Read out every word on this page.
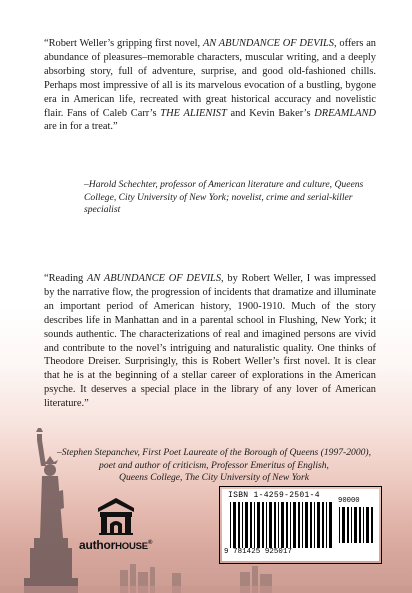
“Robert Weller’s gripping first novel, AN ABUNDANCE OF DEVILS, offers an abundance of pleasures–memorable characters, muscular writing, and a deeply absorbing story, full of adventure, surprise, and good old-fashioned chills. Perhaps most impressive of all is its marvelous evocation of a bustling, bygone era in American life, recreated with great historical accuracy and novelistic flair. Fans of Caleb Carr’s THE ALIENIST and Kevin Baker’s DREAMLAND are in for a treat.”

–Harold Schechter, professor of American literature and culture, Queens College, City University of New York; novelist, crime and serial-killer specialist

“Reading AN ABUNDANCE OF DEVILS, by Robert Weller, I was impressed by the narrative flow, the progression of incidents that dramatize and illuminate an important period of American history, 1900-1910. Much of the story describes life in Manhattan and in a parental school in Flushing, New York; it sounds authentic. The characterizations of real and imagined persons are vivid and contribute to the novel’s intriguing and naturalistic quality. One thinks of Theodore Dreiser. Surprisingly, this is Robert Weller’s first novel. It is clear that he is at the beginning of a stellar career of explorations in the American psyche. It deserves a special place in the library of any lover of American literature.”

–Stephen Stepanchev, First Poet Laureate of the Borough of Queens (1997-2000),
poet and author of criticism, Professor Emeritus of English,
Queens College, The City University of New York
authorHOUSE®
ISBN 1-4259-2501-4
90000
9 781425 925017
